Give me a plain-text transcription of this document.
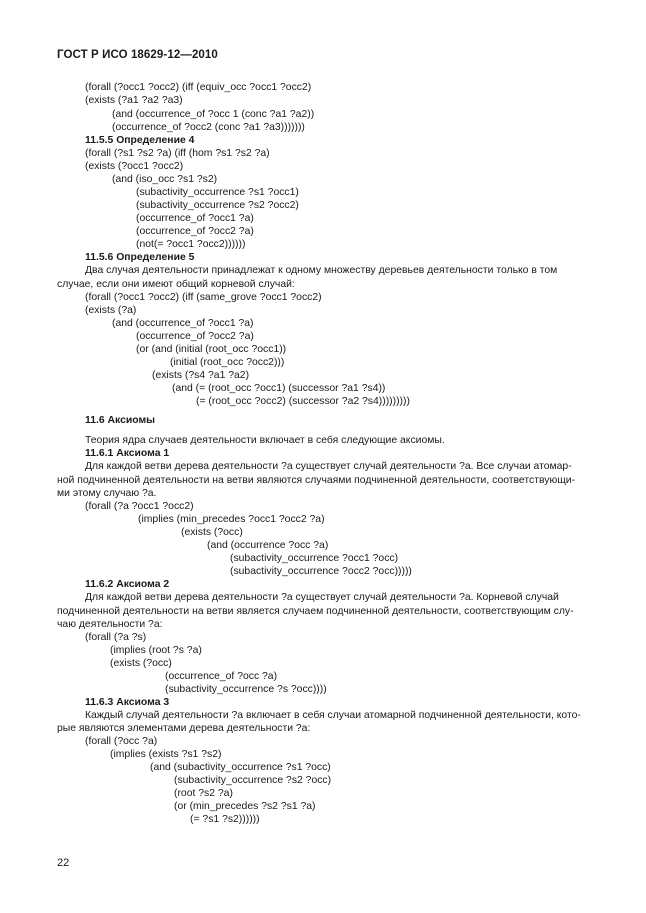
ГОСТ Р ИСО 18629-12—2010
(forall (?occ1 ?occ2) (iff (equiv_occ ?occ1 ?occ2)
(exists (?a1 ?a2 ?a3)
(and (occurrence_of ?occ 1 (conc ?a1 ?a2))
(occurrence_of ?occ2 (conc ?a1 ?a3)))))))
11.5.5 Определение 4
(forall (?s1 ?s2 ?a) (iff (hom ?s1 ?s2 ?a)
(exists (?occ1 ?occ2)
(and (iso_occ ?s1 ?s2)
(subactivity_occurrence ?s1 ?occ1)
(subactivity_occurrence ?s2 ?occ2)
(occurrence_of ?occ1 ?a)
(occurrence_of ?occ2 ?a)
(not(= ?occ1 ?occ2))))))
11.5.6 Определение 5
Два случая деятельности принадлежат к одному множеству деревьев деятельности только в том
случае, если они имеют общий корневой случай:
(forall (?occ1 ?occ2) (iff (same_grove ?occ1 ?occ2)
(exists (?a)
(and (occurrence_of ?occ1 ?a)
(occurrence_of ?occ2 ?a)
(or (and (initial (root_occ ?occ1))
(initial (root_occ ?occ2)))
(exists (?s4 ?a1 ?a2)
(and (= (root_occ ?occ1) (successor ?a1 ?s4))
(= (root_occ ?occ2) (successor ?a2 ?s4)))))))))
11.6 Аксиомы
Теория ядра случаев деятельности включает в себя следующие аксиомы.
11.6.1 Аксиома 1
Для каждой ветви дерева деятельности ?a существует случай деятельности ?a. Все случаи атомар-
ной подчиненной деятельности на ветви являются случаями подчиненной деятельности, соответствующи-
ми этому случаю ?a.
(forall (?a ?occ1 ?occ2)
(implies (min_precedes ?occ1 ?occ2 ?a)
(exists (?occ)
(and (occurrence ?occ ?a)
(subactivity_occurrence ?occ1 ?occ)
(subactivity_occurrence ?occ2 ?occ)))))
11.6.2 Аксиома 2
Для каждой ветви дерева деятельности ?a существует случай деятельности ?a. Корневой случай
подчиненной деятельности на ветви является случаем подчиненной деятельности, соответствующим слу-
чаю деятельности ?a:
(forall (?a ?s)
(implies (root ?s ?a)
(exists (?occ)
(occurrence_of ?occ ?a)
(subactivity_occurrence ?s ?occ))))
11.6.3 Аксиома 3
Каждый случай деятельности ?a включает в себя случаи атомарной подчиненной деятельности, кото-
рые являются элементами дерева деятельности ?a:
(forall (?occ ?a)
(implies (exists ?s1 ?s2)
(and (subactivity_occurrence ?s1 ?occ)
(subactivity_occurrence ?s2 ?occ)
(root ?s2 ?a)
(or (min_precedes ?s2 ?s1 ?a)
(= ?s1 ?s2))))))
22
